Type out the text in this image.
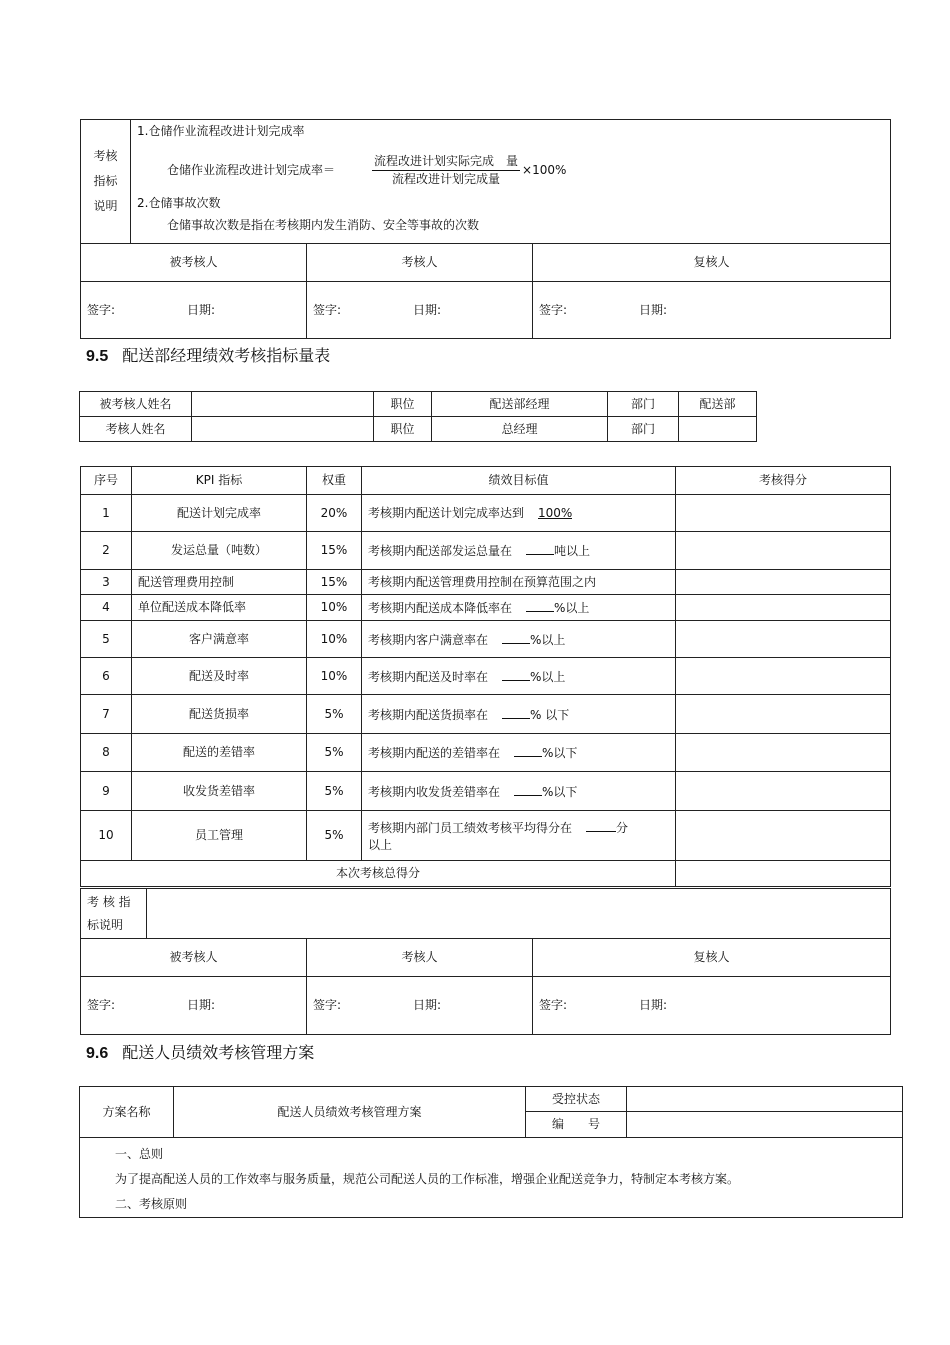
考核
指标
说明	
1.仓储作业流程改进计划完成率
仓储作业流程改进计划完成率＝
流程改进计划实际完成　量
流程改进计划完成量
×100%
2.仓储事故次数
仓储事故次数是指在考核期内发生消防、安全等事故的次数
被考核人	考核人	复核人

签字: 日期:	签字: 日期:	签字: 日期:
9.5 配送部经理绩效考核指标量表
被考核人姓名		职位	配送部经理	部门	配送部
考核人姓名		职位	总经理	部门	
序号	KPI 指标	权重	绩效目标值	考核得分
1	配送计划完成率	20%	考核期内配送计划完成率达到 100%	
2	发运总量（吨数）	15%	考核期内配送部发运总量在 吨以上	
3	配送管理费用控制	15%	考核期内配送管理费用控制在预算范围之内	
4	单位配送成本降低率	10%	考核期内配送成本降低率在 %以上	
5	客户满意率	10%	考核期内客户满意率在 %以上	
6	配送及时率	10%	考核期内配送及时率在 %以上	
7	配送货损率	5%	考核期内配送货损率在 % 以下	
8	配送的差错率	5%	考核期内配送的差错率在 %以下	
9	收发货差错率	5%	考核期内收发货差错率在 %以下	
10	员工管理	5%	考核期内部门员工绩效考核平均得分在 分
以上	
本次考核总得分				
考 核 指
标说明	
被考核人	考核人	复核人

签字: 日期:	签字: 日期:	签字: 日期:
9.6 配送人员绩效考核管理方案
方案名称	配送人员绩效考核管理方案	受控状态	
		编　　号	

一、总则
为了提高配送人员的工作效率与服务质量，规范公司配送人员的工作标准，增强企业配送竞争力，特制定本考核方案。
二、考核原则			
